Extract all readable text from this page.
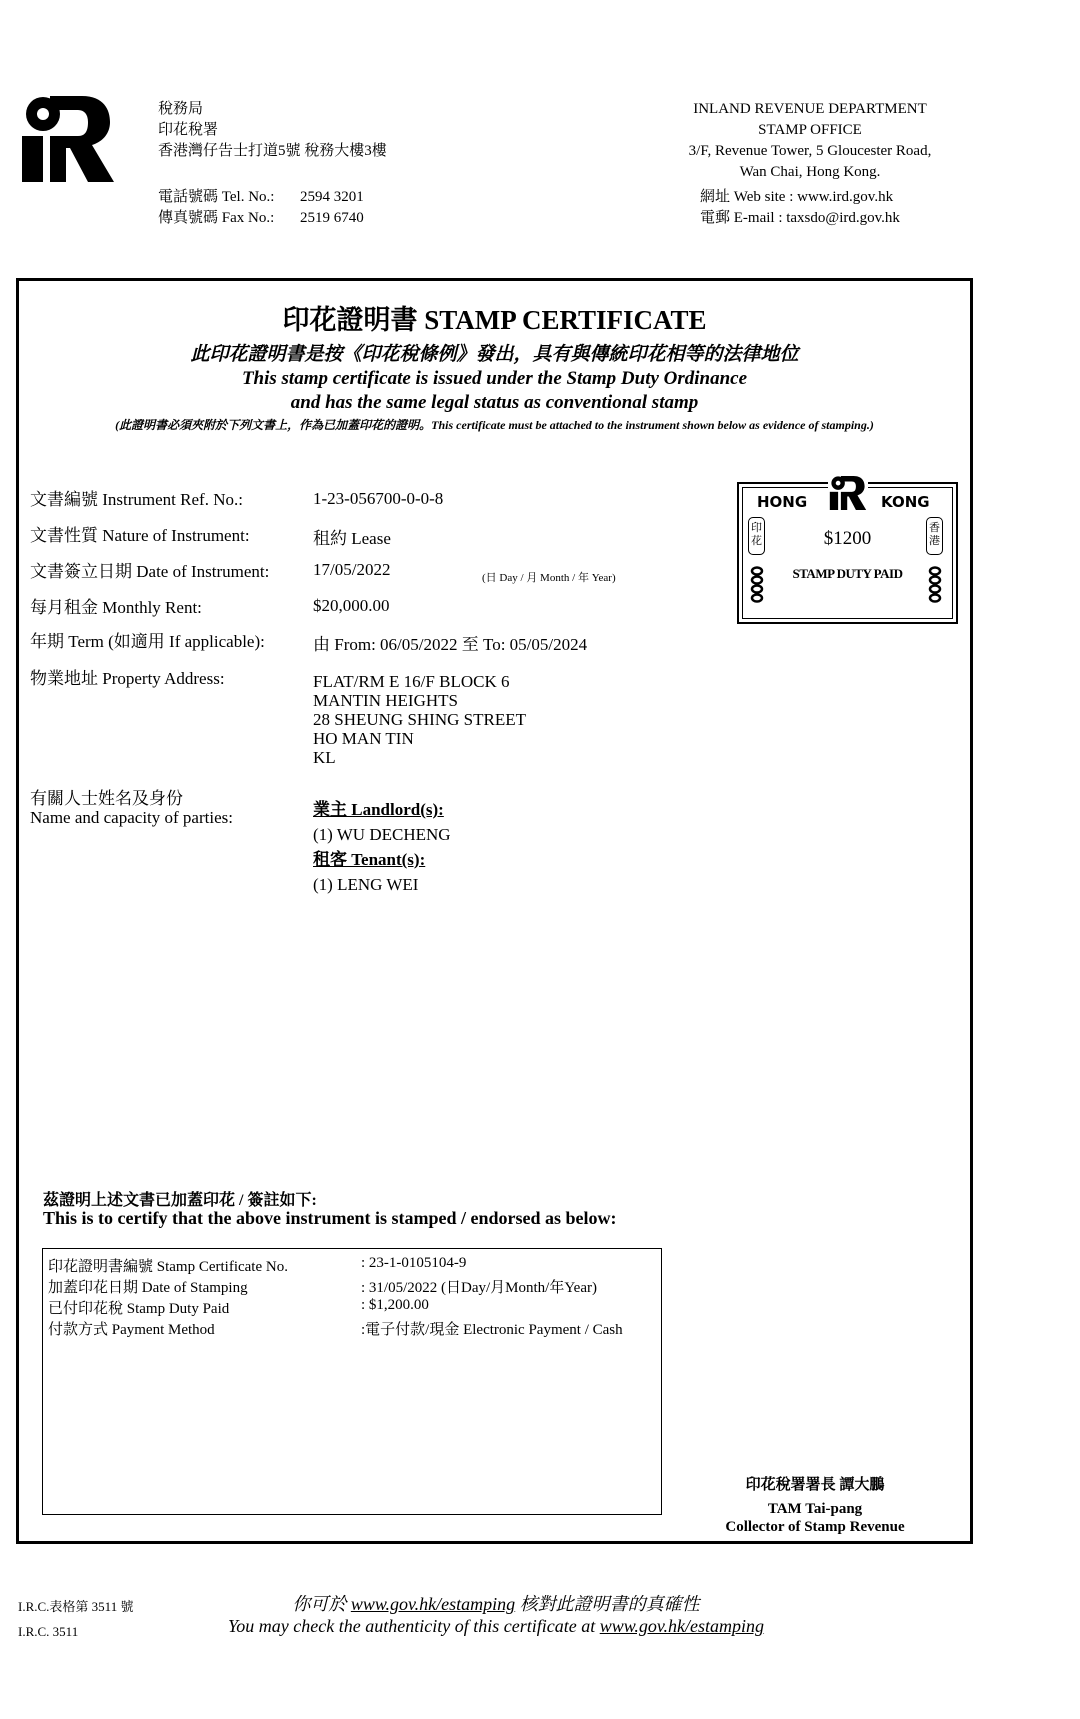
稅務局
印花稅署
香港灣仔告士打道5號 稅務大樓3樓
電話號碼 Tel. No.: 2594 3201
傳真號碼 Fax No.: 2519 6740
INLAND REVENUE DEPARTMENT
STAMP OFFICE
3/F, Revenue Tower, 5 Gloucester Road,
Wan Chai, Hong Kong.
網址 Web site : www.ird.gov.hk
電郵 E-mail : taxsdo@ird.gov.hk
印花證明書 STAMP CERTIFICATE
此印花證明書是按《印花稅條例》發出，具有與傳統印花相等的法律地位
This stamp certificate is issued under the Stamp Duty Ordinance
and has the same legal status as conventional stamp
(此證明書必須夾附於下列文書上，作為已加蓋印花的證明。This certificate must be attached to the instrument shown below as evidence of stamping.)
文書編號 Instrument Ref. No.:	1-23-056700-0-0-8
文書性質 Nature of Instrument:	租約 Lease
文書簽立日期 Date of Instrument:	17/05/2022	(日 Day / 月 Month / 年 Year)
每月租金 Monthly Rent:	$20,000.00
年期 Term (如適用 If applicable):	由 From: 06/05/2022 至 To: 05/05/2024
物業地址 Property Address:	FLAT/RM E 16/F BLOCK 6
MANTIN HEIGHTS
28 SHEUNG SHING STREET
HO MAN TIN
KL
有關人士姓名及身份
Name and capacity of parties:	業主 Landlord(s):
(1) WU DECHENG
租客 Tenant(s):
(1) LENG WEI
HONG	KONG
印花
香港
$1200
STAMP DUTY PAID
茲證明上述文書已加蓋印花 / 簽註如下:
This is to certify that the above instrument is stamped / endorsed as below:
印花證明書編號 Stamp Certificate No.	: 23-1-0105104-9
加蓋印花日期 Date of Stamping	: 31/05/2022 (日Day/月Month/年Year)
已付印花稅 Stamp Duty Paid	: $1,200.00
付款方式 Payment Method	:電子付款/現金 Electronic Payment / Cash
印花稅署署長 譚大鵬
TAM Tai-pang
Collector of Stamp Revenue
I.R.C.表格第 3511 號
I.R.C. 3511
你可於 www.gov.hk/estamping 核對此證明書的真確性
You may check the authenticity of this certificate at www.gov.hk/estamping
